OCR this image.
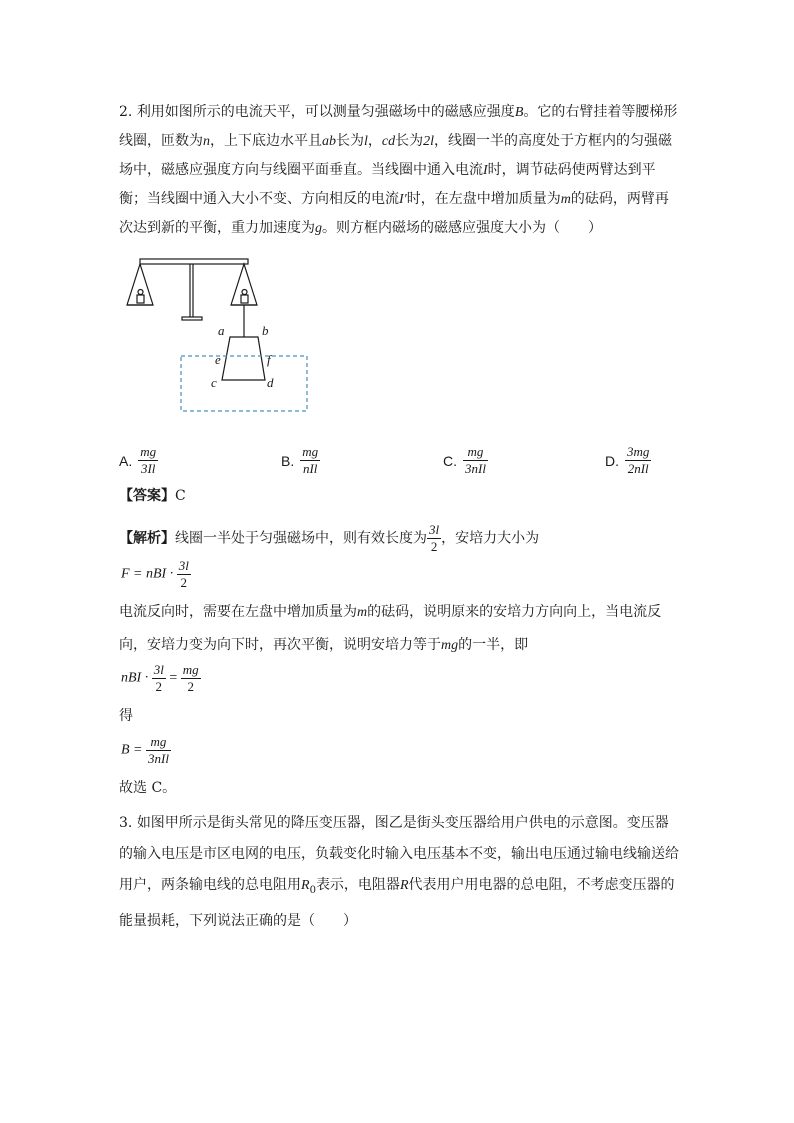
2. 利用如图所示的电流天平，可以测量匀强磁场中的磁感应强度B。它的右臂挂着等腰梯形线圈，匝数为n，上下底边水平且ab长为l，cd长为2l，线圈一半的高度处于方框内的匀强磁场中，磁感应强度方向与线圈平面垂直。当线圈中通入电流I时，调节砝码使两臂达到平衡；当线圈中通入大小不变、方向相反的电流I′时，在左盘中增加质量为m的砝码，两臂再次达到新的平衡，重力加速度为g。则方框内磁场的磁感应强度大小为（　　）
a	b
e	f
c	d
A. $\frac{mg}{3Il}$	B. $\frac{mg}{\text{nIl}}$	C. $\frac{mg}{\text{3nIl}}$	D. $\frac{3mg}{\text{2nIl}}$
【答案】C
【解析】线圈一半处于匀强磁场中，则有效长度为 $\frac{3l}{2}$ ，安培力大小为
F = nBI · $\frac{3l}{2}$
电流反向时，需要在左盘中增加质量为m的砝码，说明原来的安培力方向向上，当电流反向，安培力变为向下时，再次平衡，说明安培力等于mg的一半，即
nBI · $\frac{3l}{2} = \frac{mg}{2}$
得
$B = \frac{mg}{\text{3nIl}}$
故选 C。
3. 如图甲所示是街头常见的降压变压器，图乙是街头变压器给用户供电的示意图。变压器的输入电压是市区电网的电压，负载变化时输入电压基本不变，输出电压通过输电线输送给用户，两条输电线的总电阻用$R_0$表示，电阻器R代表用户用电器的总电阻，不考虑变压器的能量损耗，下列说法正确的是（　　）
